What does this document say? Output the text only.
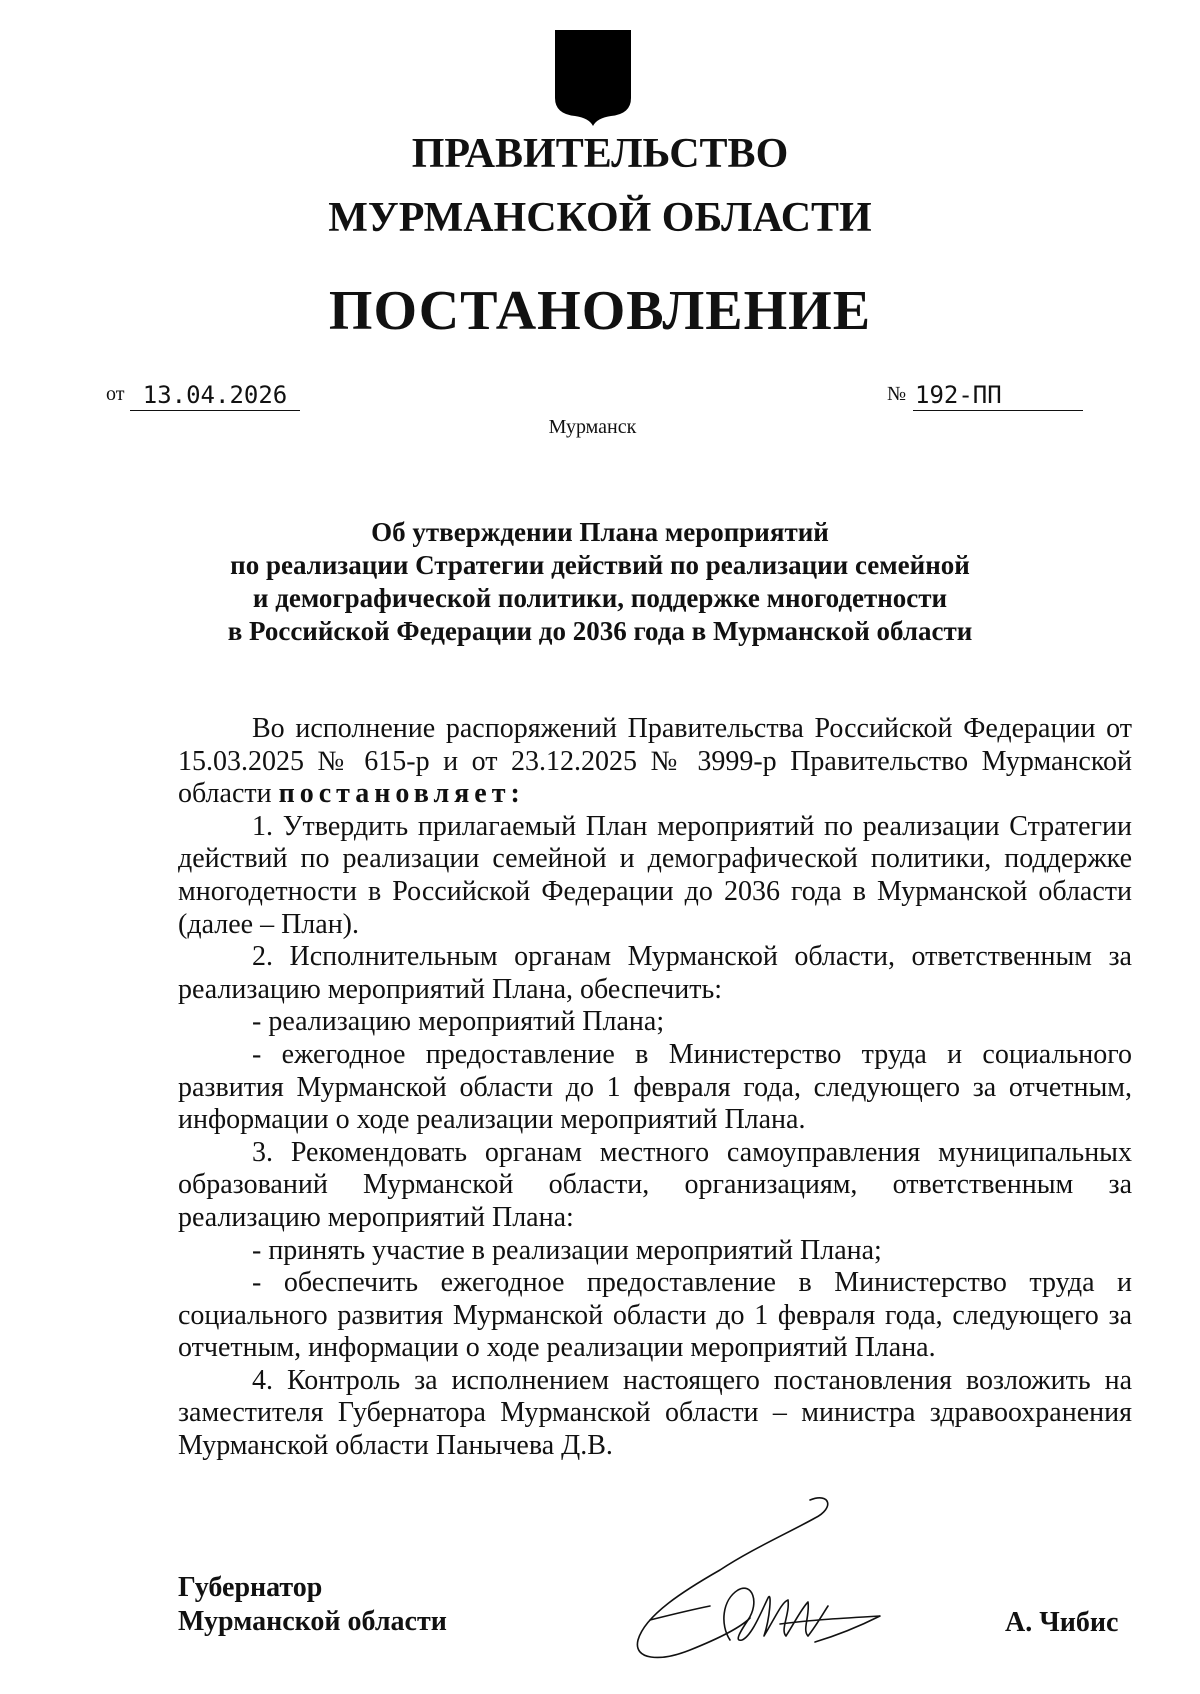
ПРАВИТЕЛЬСТВО
МУРМАНСКОЙ ОБЛАСТИ
ПОСТАНОВЛЕНИЕ
от 13.04.2026	№ 192-ПП
Мурманск
Об утверждении Плана мероприятий
по реализации Стратегии действий по реализации семейной
и демографической политики, поддержке многодетности
в Российской Федерации до 2036 года в Мурманской области

Во исполнение распоряжений Правительства Российской Федерации от 15.03.2025 № 615-р и от 23.12.2025 № 3999-р Правительство Мурманской области постановляет:

1. Утвердить прилагаемый План мероприятий по реализации Стратегии действий по реализации семейной и демографической политики, поддержке многодетности в Российской Федерации до 2036 года в Мурманской области (далее – План).

2. Исполнительным органам Мурманской области, ответственным за реализацию мероприятий Плана, обеспечить:

- реализацию мероприятий Плана;

- ежегодное предоставление в Министерство труда и социального развития Мурманской области до 1 февраля года, следующего за отчетным, информации о ходе реализации мероприятий Плана.

3. Рекомендовать органам местного самоуправления муниципальных образований Мурманской области, организациям, ответственным за реализацию мероприятий Плана:

- принять участие в реализации мероприятий Плана;

- обеспечить ежегодное предоставление в Министерство труда и социального развития Мурманской области до 1 февраля года, следующего за отчетным, информации о ходе реализации мероприятий Плана.

4. Контроль за исполнением настоящего постановления возложить на заместителя Губернатора Мурманской области – министра здравоохранения Мурманской области Панычева Д.В.

Губернатор
Мурманской области	А. Чибис
